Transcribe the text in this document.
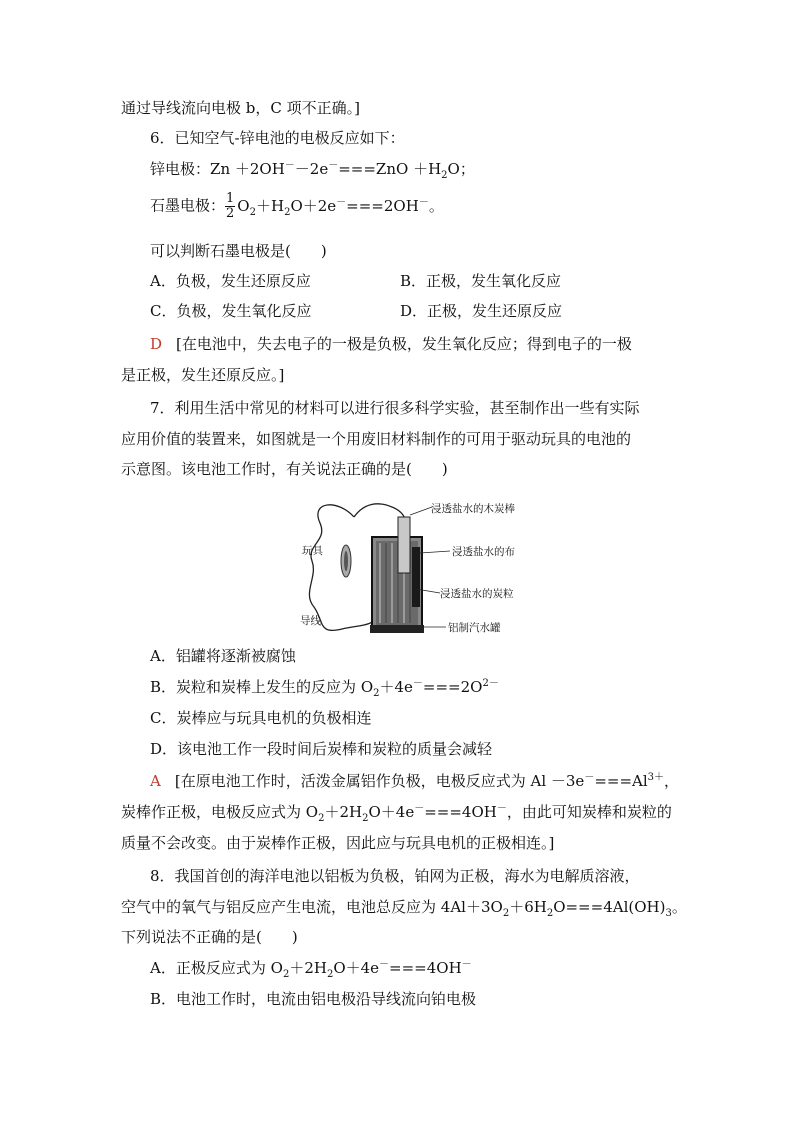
通过导线流向电极 b，C 项不正确。]
6．已知空气-锌电池的电极反应如下：
锌电极：$Zn +2OH^--2e^-===ZnO +H_2O$；
石墨电极： $\frac{1}{2} O_2+H_2O+2e^-===2OH^-$。
可以判断石墨电极是(　　)
A．负极，发生还原反应	B．正极，发生氧化反应
C．负极，发生氧化反应	D．正极，发生还原反应
D [在电池中，失去电子的一极是负极，发生氧化反应；得到电子的一极
是正极，发生还原反应。]
7．利用生活中常见的材料可以进行很多科学实验，甚至制作出一些有实际
应用价值的装置来，如图就是一个用废旧材料制作的可用于驱动玩具的电池的
示意图。该电池工作时，有关说法正确的是(　　)
浸透盐水的木炭棒
浸透盐水的布
浸透盐水的炭粒
铝制汽水罐
玩具
导线
A．铝罐将逐渐被腐蚀
B．炭粒和炭棒上发生的反应为 $O_2+4e^-===2O^{2-}$
C．炭棒应与玩具电机的负极相连
D．该电池工作一段时间后炭棒和炭粒的质量会减轻
A [在原电池工作时，活泼金属铝作负极，电极反应式为 $Al -3e^-===Al^{3+}$，
炭棒作正极，电极反应式为 $O_2+2H_2O+4e^-===4OH^-$，由此可知炭棒和炭粒的
质量不会改变。由于炭棒作正极，因此应与玩具电机的正极相连。]
8．我国首创的海洋电池以铝板为负极，铂网为正极，海水为电解质溶液，
空气中的氧气与铝反应产生电流，电池总反应为 $4Al+3O_2+6H_2O===4Al(OH)_3$。
下列说法不正确的是(　　)
A．正极反应式为 $O_2+2H_2O+4e^-===4OH^-$
B．电池工作时，电流由铝电极沿导线流向铂电极
